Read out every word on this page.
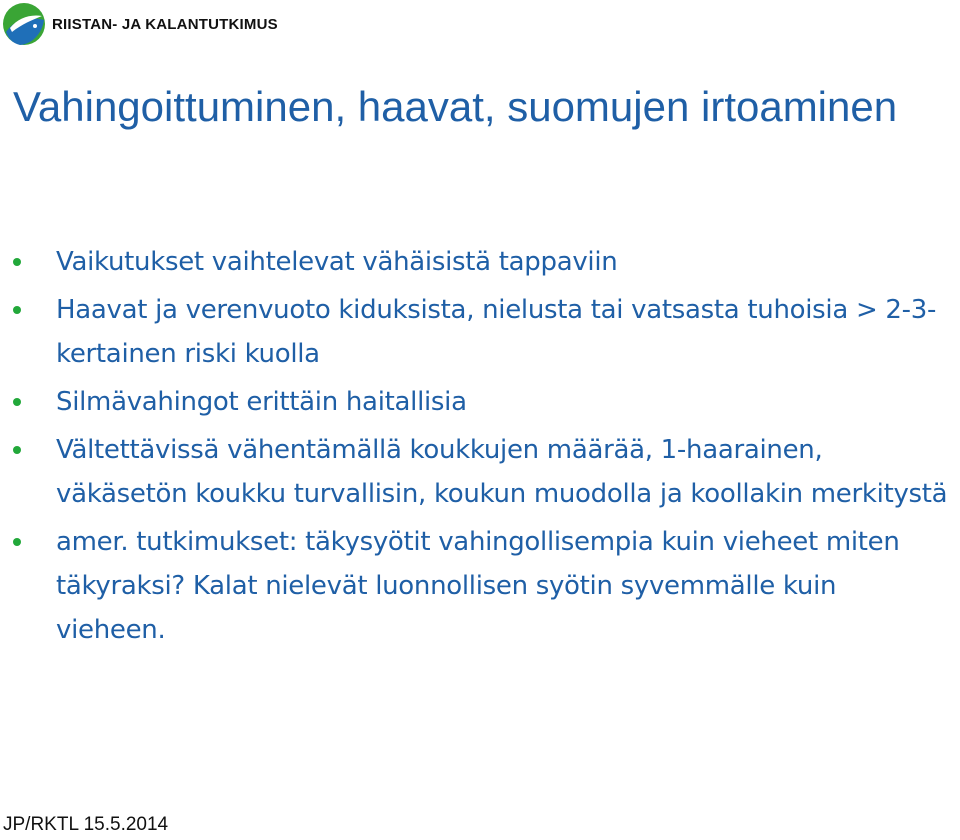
RIISTAN- JA KALANTUTKIMUS
Vahingoittuminen, haavat, suomujen irtoaminen
Vaikutukset vaihtelevat vähäisistä tappaviin
Haavat ja verenvuoto kiduksista, nielusta tai vatsasta tuhoisia > 2-3-kertainen riski kuolla
Silmävahingot erittäin haitallisia
Vältettävissä vähentämällä koukkujen määrää, 1-haarainen, väkäsetön koukku turvallisin, koukun muodolla ja koollakin merkitystä
amer. tutkimukset: täkysyötit vahingollisempia kuin vieheet miten täkyraksi? Kalat nielevät luonnollisen syötin syvemmälle kuin vieheen.
JP/RKTL 15.5.2014
